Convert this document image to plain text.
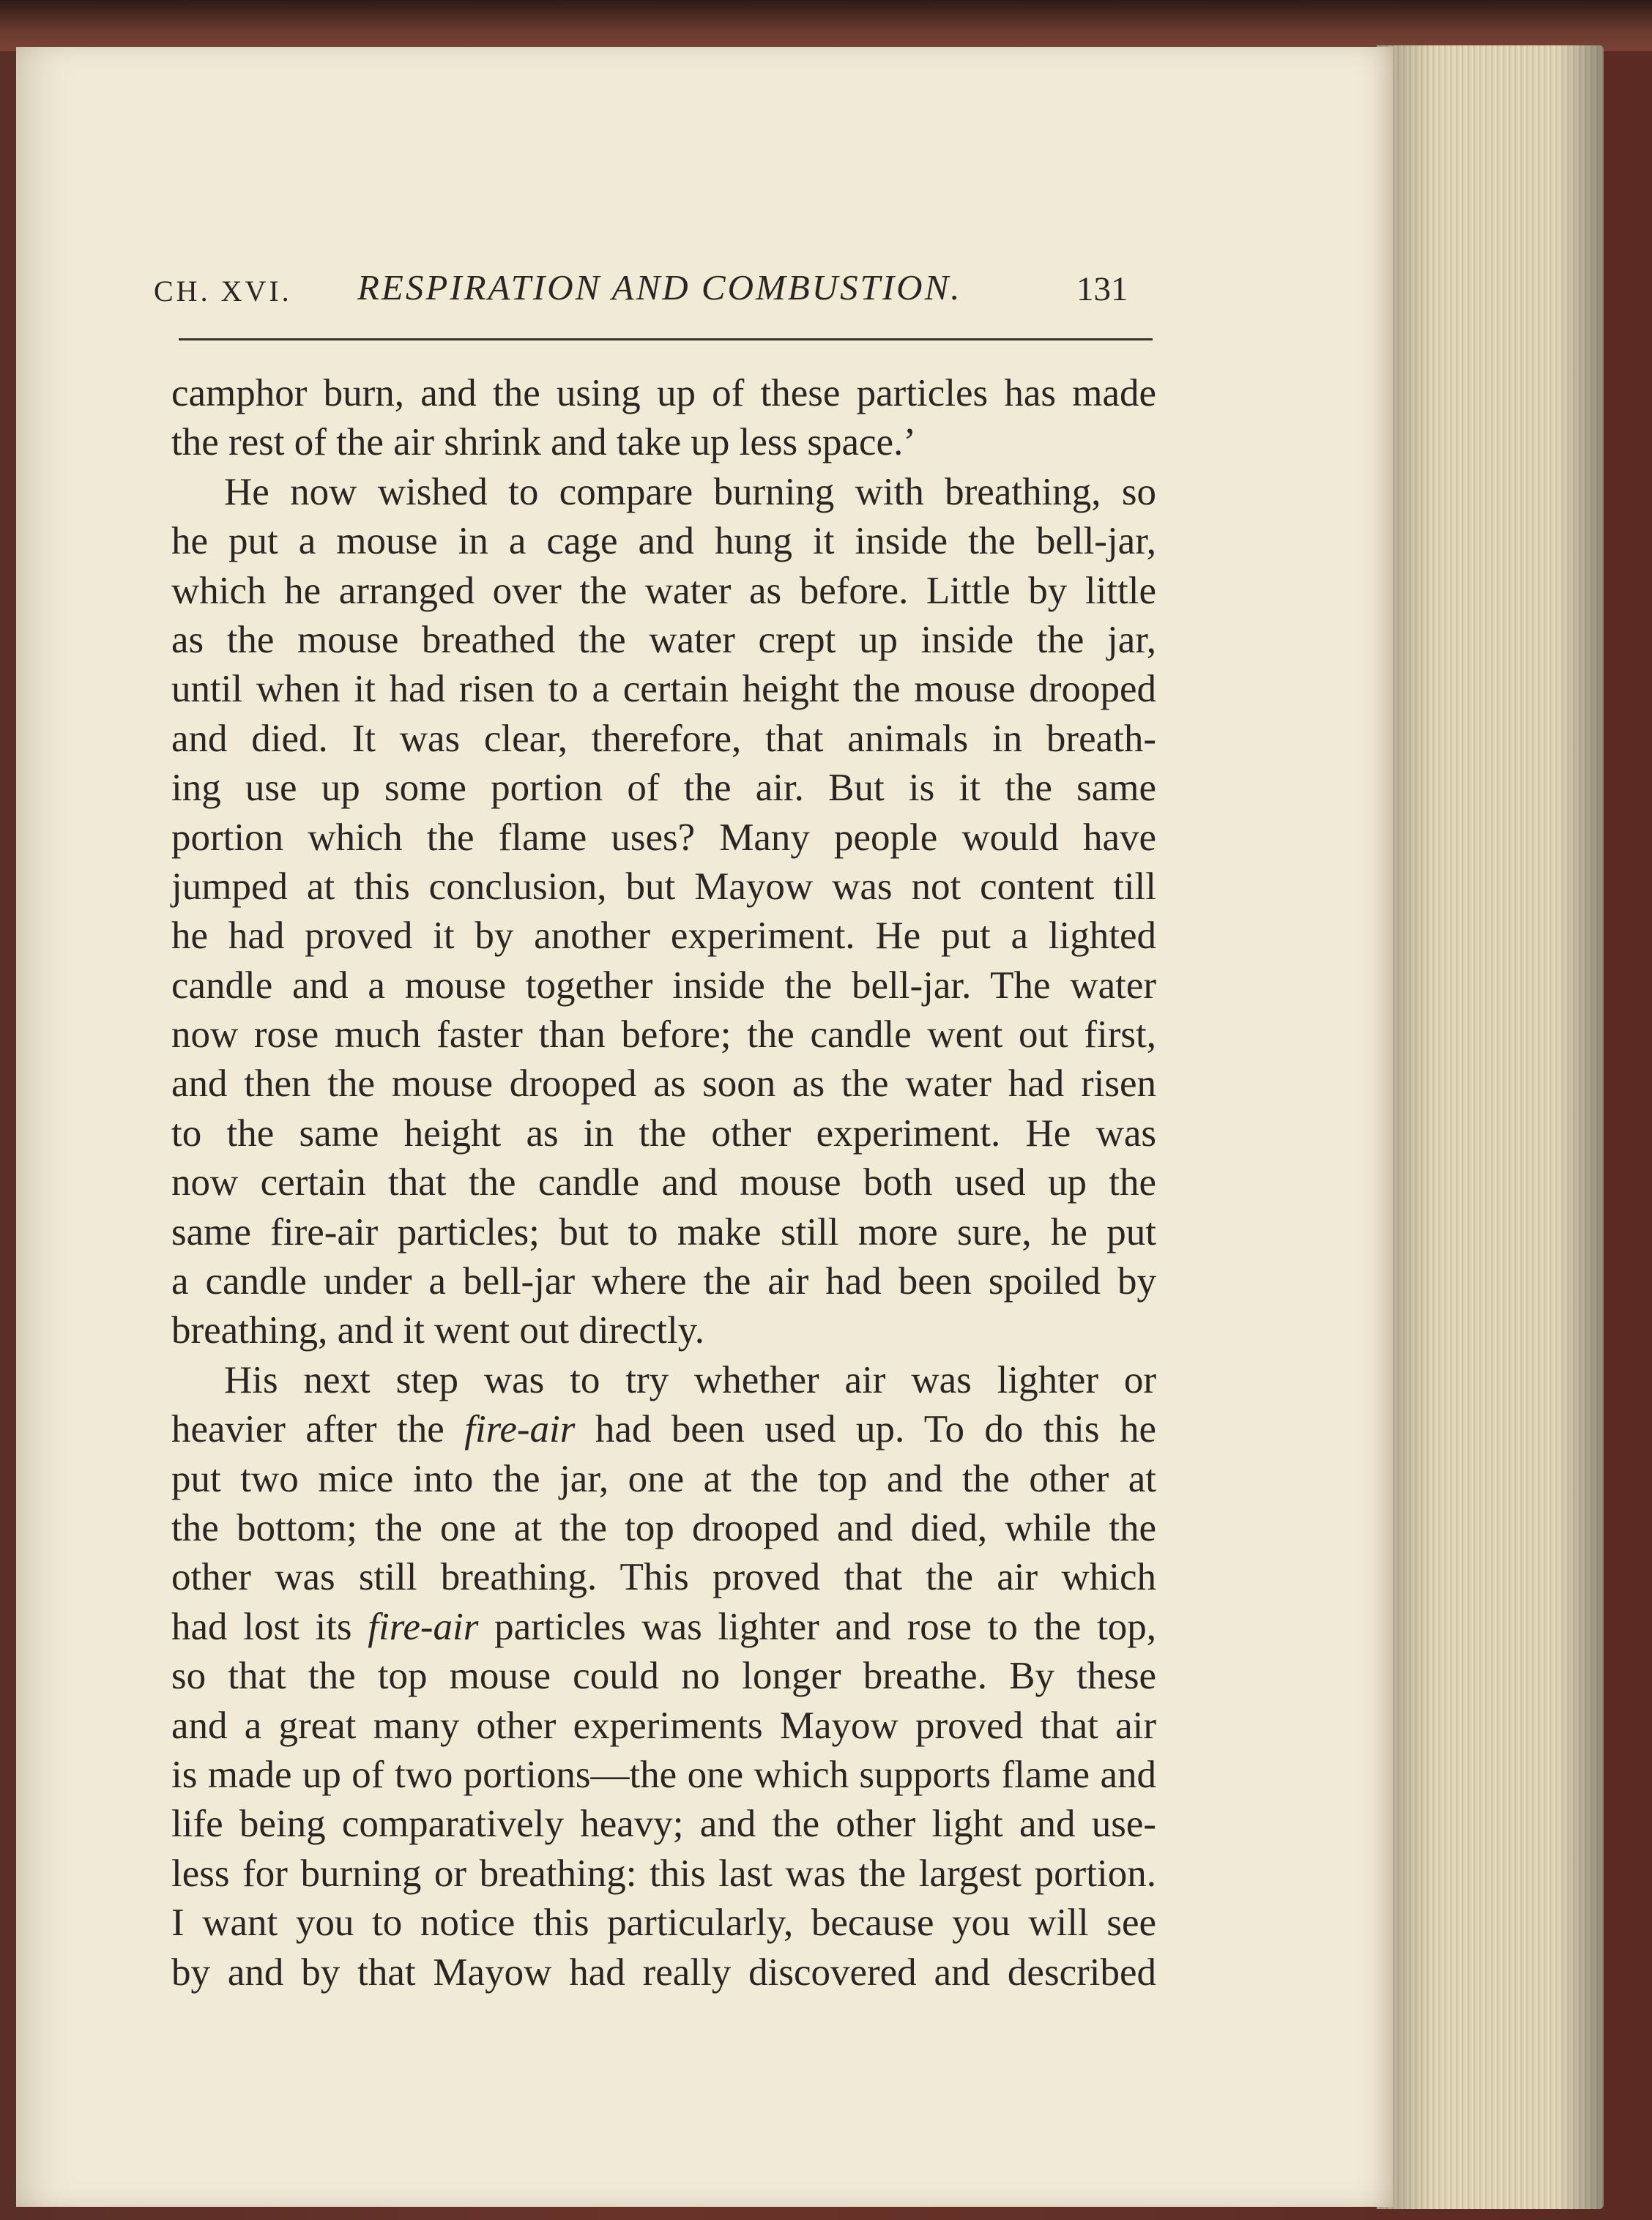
CH. XVI. RESPIRATION AND COMBUSTION.	131
camphor burn, and the using up of these particles has made
the rest of the air shrink and take up less space.’
He now wished to compare burning with breathing, so
he put a mouse in a cage and hung it inside the bell-jar,
which he arranged over the water as before. Little by little
as the mouse breathed the water crept up inside the jar,
until when it had risen to a certain height the mouse drooped
and died. It was clear, therefore, that animals in breath-
ing use up some portion of the air. But is it the same
portion which the flame uses? Many people would have
jumped at this conclusion, but Mayow was not content till
he had proved it by another experiment. He put a lighted
candle and a mouse together inside the bell-jar. The water
now rose much faster than before; the candle went out first,
and then the mouse drooped as soon as the water had risen
to the same height as in the other experiment. He was
now certain that the candle and mouse both used up the
same fire-air particles; but to make still more sure, he put
a candle under a bell-jar where the air had been spoiled by
breathing, and it went out directly.
His next step was to try whether air was lighter or
heavier after the fire-air had been used up. To do this he
put two mice into the jar, one at the top and the other at
the bottom; the one at the top drooped and died, while the
other was still breathing. This proved that the air which
had lost its fire-air particles was lighter and rose to the top,
so that the top mouse could no longer breathe. By these
and a great many other experiments Mayow proved that air
is made up of two portions—the one which supports flame and
life being comparatively heavy; and the other light and use-
less for burning or breathing: this last was the largest portion.
I want you to notice this particularly, because you will see
by and by that Mayow had really discovered and described
